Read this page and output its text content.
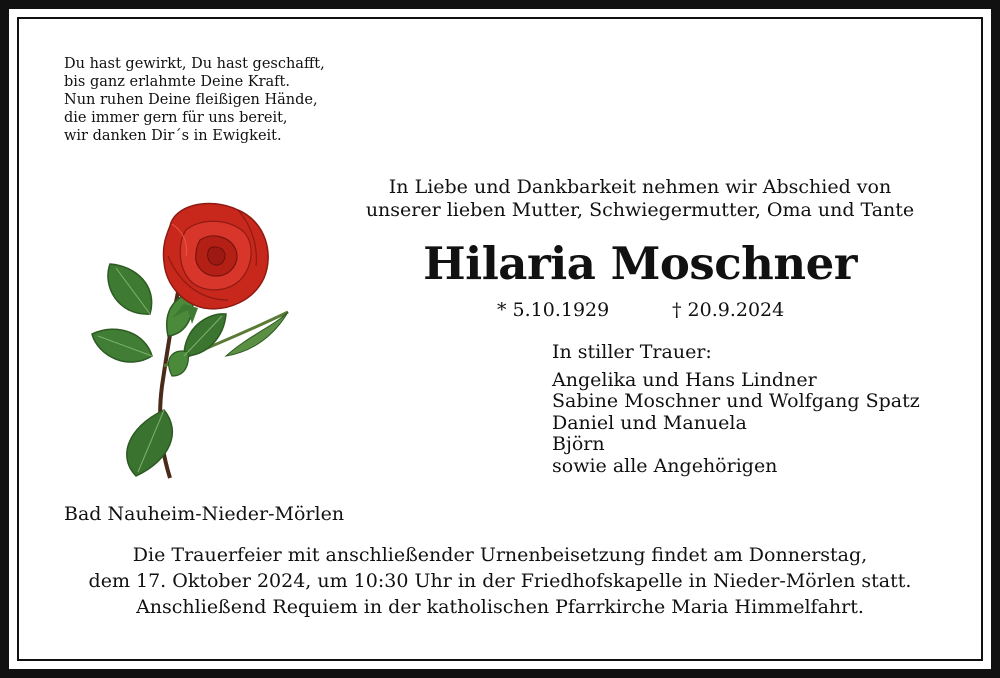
Du hast gewirkt, Du hast geschafft,
bis ganz erlahmte Deine Kraft.
Nun ruhen Deine fleißigen Hände,
die immer gern für uns bereit,
wir danken Dir´s in Ewigkeit.
In Liebe und Dankbarkeit nehmen wir Abschied von
unserer lieben Mutter, Schwiegermutter, Oma und Tante
Hilaria Moschner
* 5.10.1929	† 20.9.2024
In stiller Trauer:
Angelika und Hans Lindner
Sabine Moschner und Wolfgang Spatz
Daniel und Manuela
Björn
sowie alle Angehörigen
Bad Nauheim-Nieder-Mörlen
Die Trauerfeier mit anschließender Urnenbeisetzung findet am Donnerstag,
dem 17. Oktober 2024, um 10:30 Uhr in der Friedhofskapelle in Nieder-Mörlen statt.
Anschließend Requiem in der katholischen Pfarrkirche Maria Himmelfahrt.
